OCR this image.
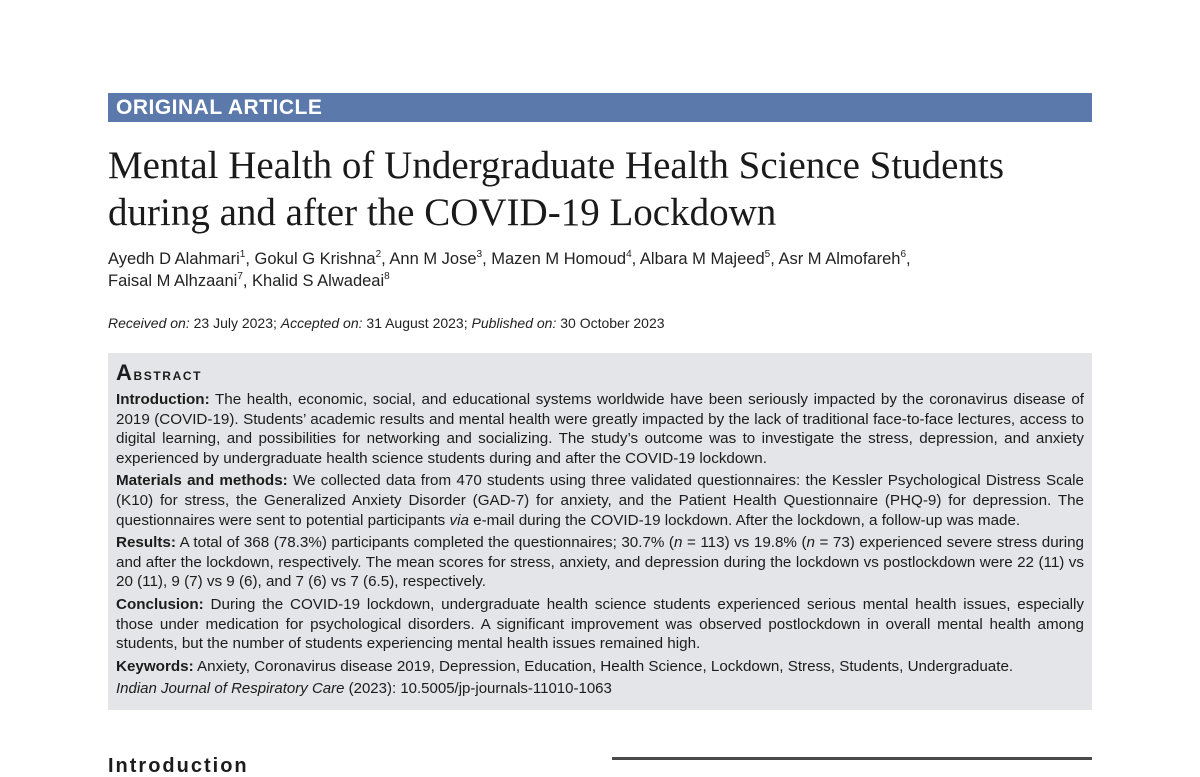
ORIGINAL ARTICLE
Mental Health of Undergraduate Health Science Students
during and after the COVID-19 Lockdown
Ayedh D Alahmari$^1$, Gokul G Krishna$^2$, Ann M Jose$^3$, Mazen M Homoud$^4$, Albara M Majeed$^5$, Asr M Almofareh$^6$,
Faisal M Alhzaani$^7$, Khalid S Alwadeai$^8$
Received on: 23 July 2023; Accepted on: 31 August 2023; Published on: 30 October 2023
Abstract

Introduction: The health, economic, social, and educational systems worldwide have been seriously impacted by the coronavirus disease of 2019 (COVID-19). Students’ academic results and mental health were greatly impacted by the lack of traditional face-to-face lectures, access to digital learning, and possibilities for networking and socializing. The study’s outcome was to investigate the stress, depression, and anxiety experienced by undergraduate health science students during and after the COVID-19 lockdown.

Materials and methods: We collected data from 470 students using three validated questionnaires: the Kessler Psychological Distress Scale (K10) for stress, the Generalized Anxiety Disorder (GAD-7) for anxiety, and the Patient Health Questionnaire (PHQ-9) for depression. The questionnaires were sent to potential participants via e-mail during the COVID-19 lockdown. After the lockdown, a follow-up was made.

Results: A total of 368 (78.3%) participants completed the questionnaires; 30.7% (n = 113) vs 19.8% (n = 73) experienced severe stress during and after the lockdown, respectively. The mean scores for stress, anxiety, and depression during the lockdown vs postlockdown were 22 (11) vs 20 (11), 9 (7) vs 9 (6), and 7 (6) vs 7 (6.5), respectively.

Conclusion: During the COVID-19 lockdown, undergraduate health science students experienced serious mental health issues, especially those under medication for psychological disorders. A significant improvement was observed postlockdown in overall mental health among students, but the number of students experiencing mental health issues remained high.

Keywords: Anxiety, Coronavirus disease 2019, Depression, Education, Health Science, Lockdown, Stress, Students, Undergraduate.

Indian Journal of Respiratory Care (2023): 10.5005/jp-journals-11010-1063
Introduction
